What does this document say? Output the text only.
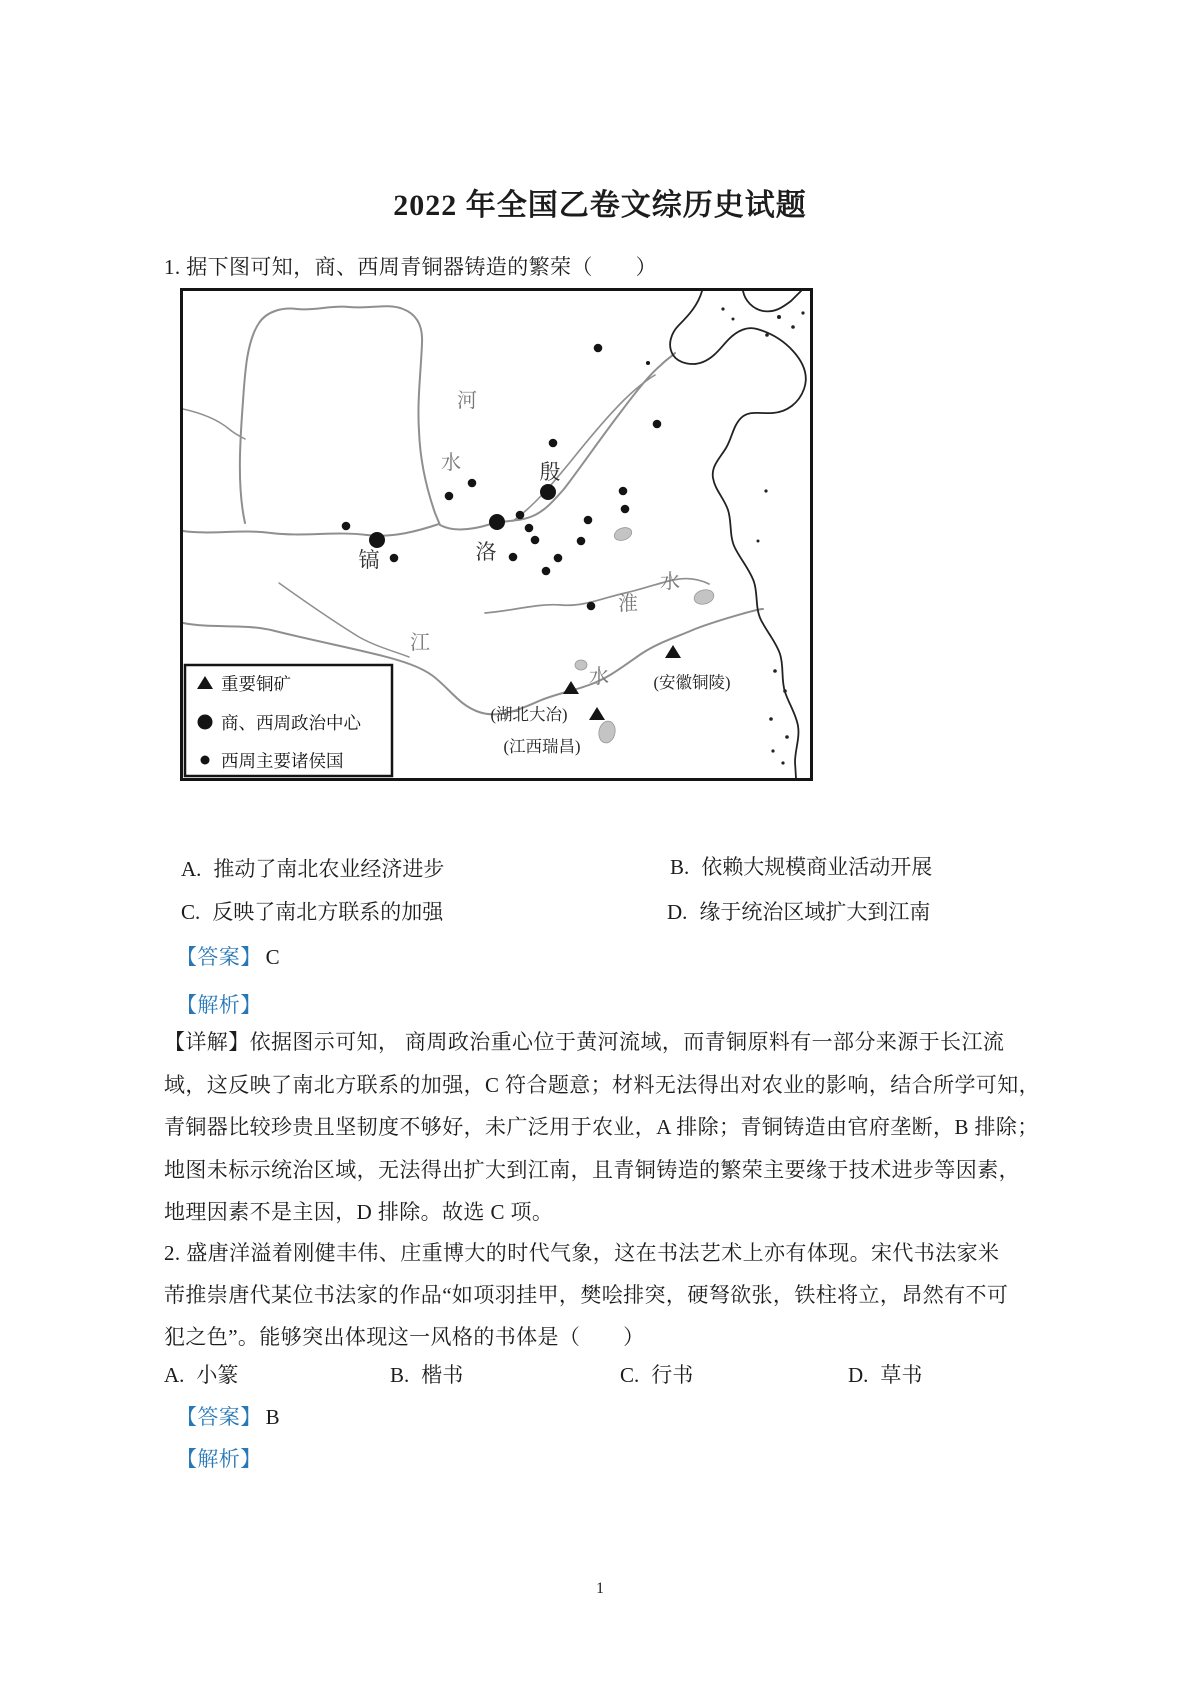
2022 年全国乙卷文综历史试题
1. 据下图可知，商、西周青铜器铸造的繁荣（　　）
河
水
淮
水
江
水
殷
洛
镐
(安徽铜陵)
(湖北大冶)
(江西瑞昌)
重要铜矿
商、西周政治中心
西周主要诸侯国
A. 推动了南北农业经济进步	B. 依赖大规模商业活动开展
C. 反映了南北方联系的加强	D. 缘于统治区域扩大到江南
【答案】 C
【解析】
【详解】依据图示可知， 商周政治重心位于黄河流域，而青铜原料有一部分来源于长江流
域，这反映了南北方联系的加强，C 符合题意；材料无法得出对农业的影响，结合所学可知，
青铜器比较珍贵且坚韧度不够好，未广泛用于农业，A 排除；青铜铸造由官府垄断，B 排除；
地图未标示统治区域，无法得出扩大到江南，且青铜铸造的繁荣主要缘于技术进步等因素，
地理因素不是主因，D 排除。故选 C 项。
2. 盛唐洋溢着刚健丰伟、庄重博大的时代气象，这在书法艺术上亦有体现。宋代书法家米
芾推崇唐代某位书法家的作品“如项羽挂甲，樊哙排突，硬弩欲张，铁柱将立，昂然有不可
犯之色”。能够突出体现这一风格的书体是（　　）
A. 小篆	B. 楷书	C. 行书	D. 草书
【答案】 B
【解析】
1
